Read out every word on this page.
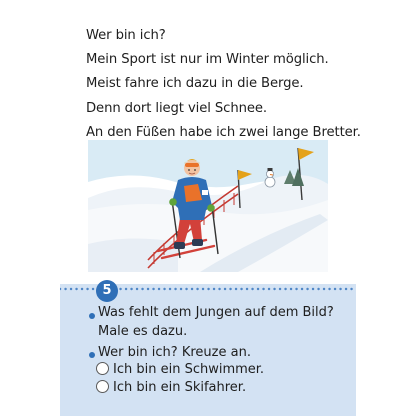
Wer bin ich?
Mein Sport ist nur im Winter möglich.
Meist fahre ich dazu in die Berge.
Denn dort liegt viel Schnee.
An den Füßen habe ich zwei lange Bretter.
5
Was fehlt dem Jungen auf dem Bild?
Male es dazu.
Wer bin ich? Kreuze an.
Ich bin ein Schwimmer.
Ich bin ein Skifahrer.
